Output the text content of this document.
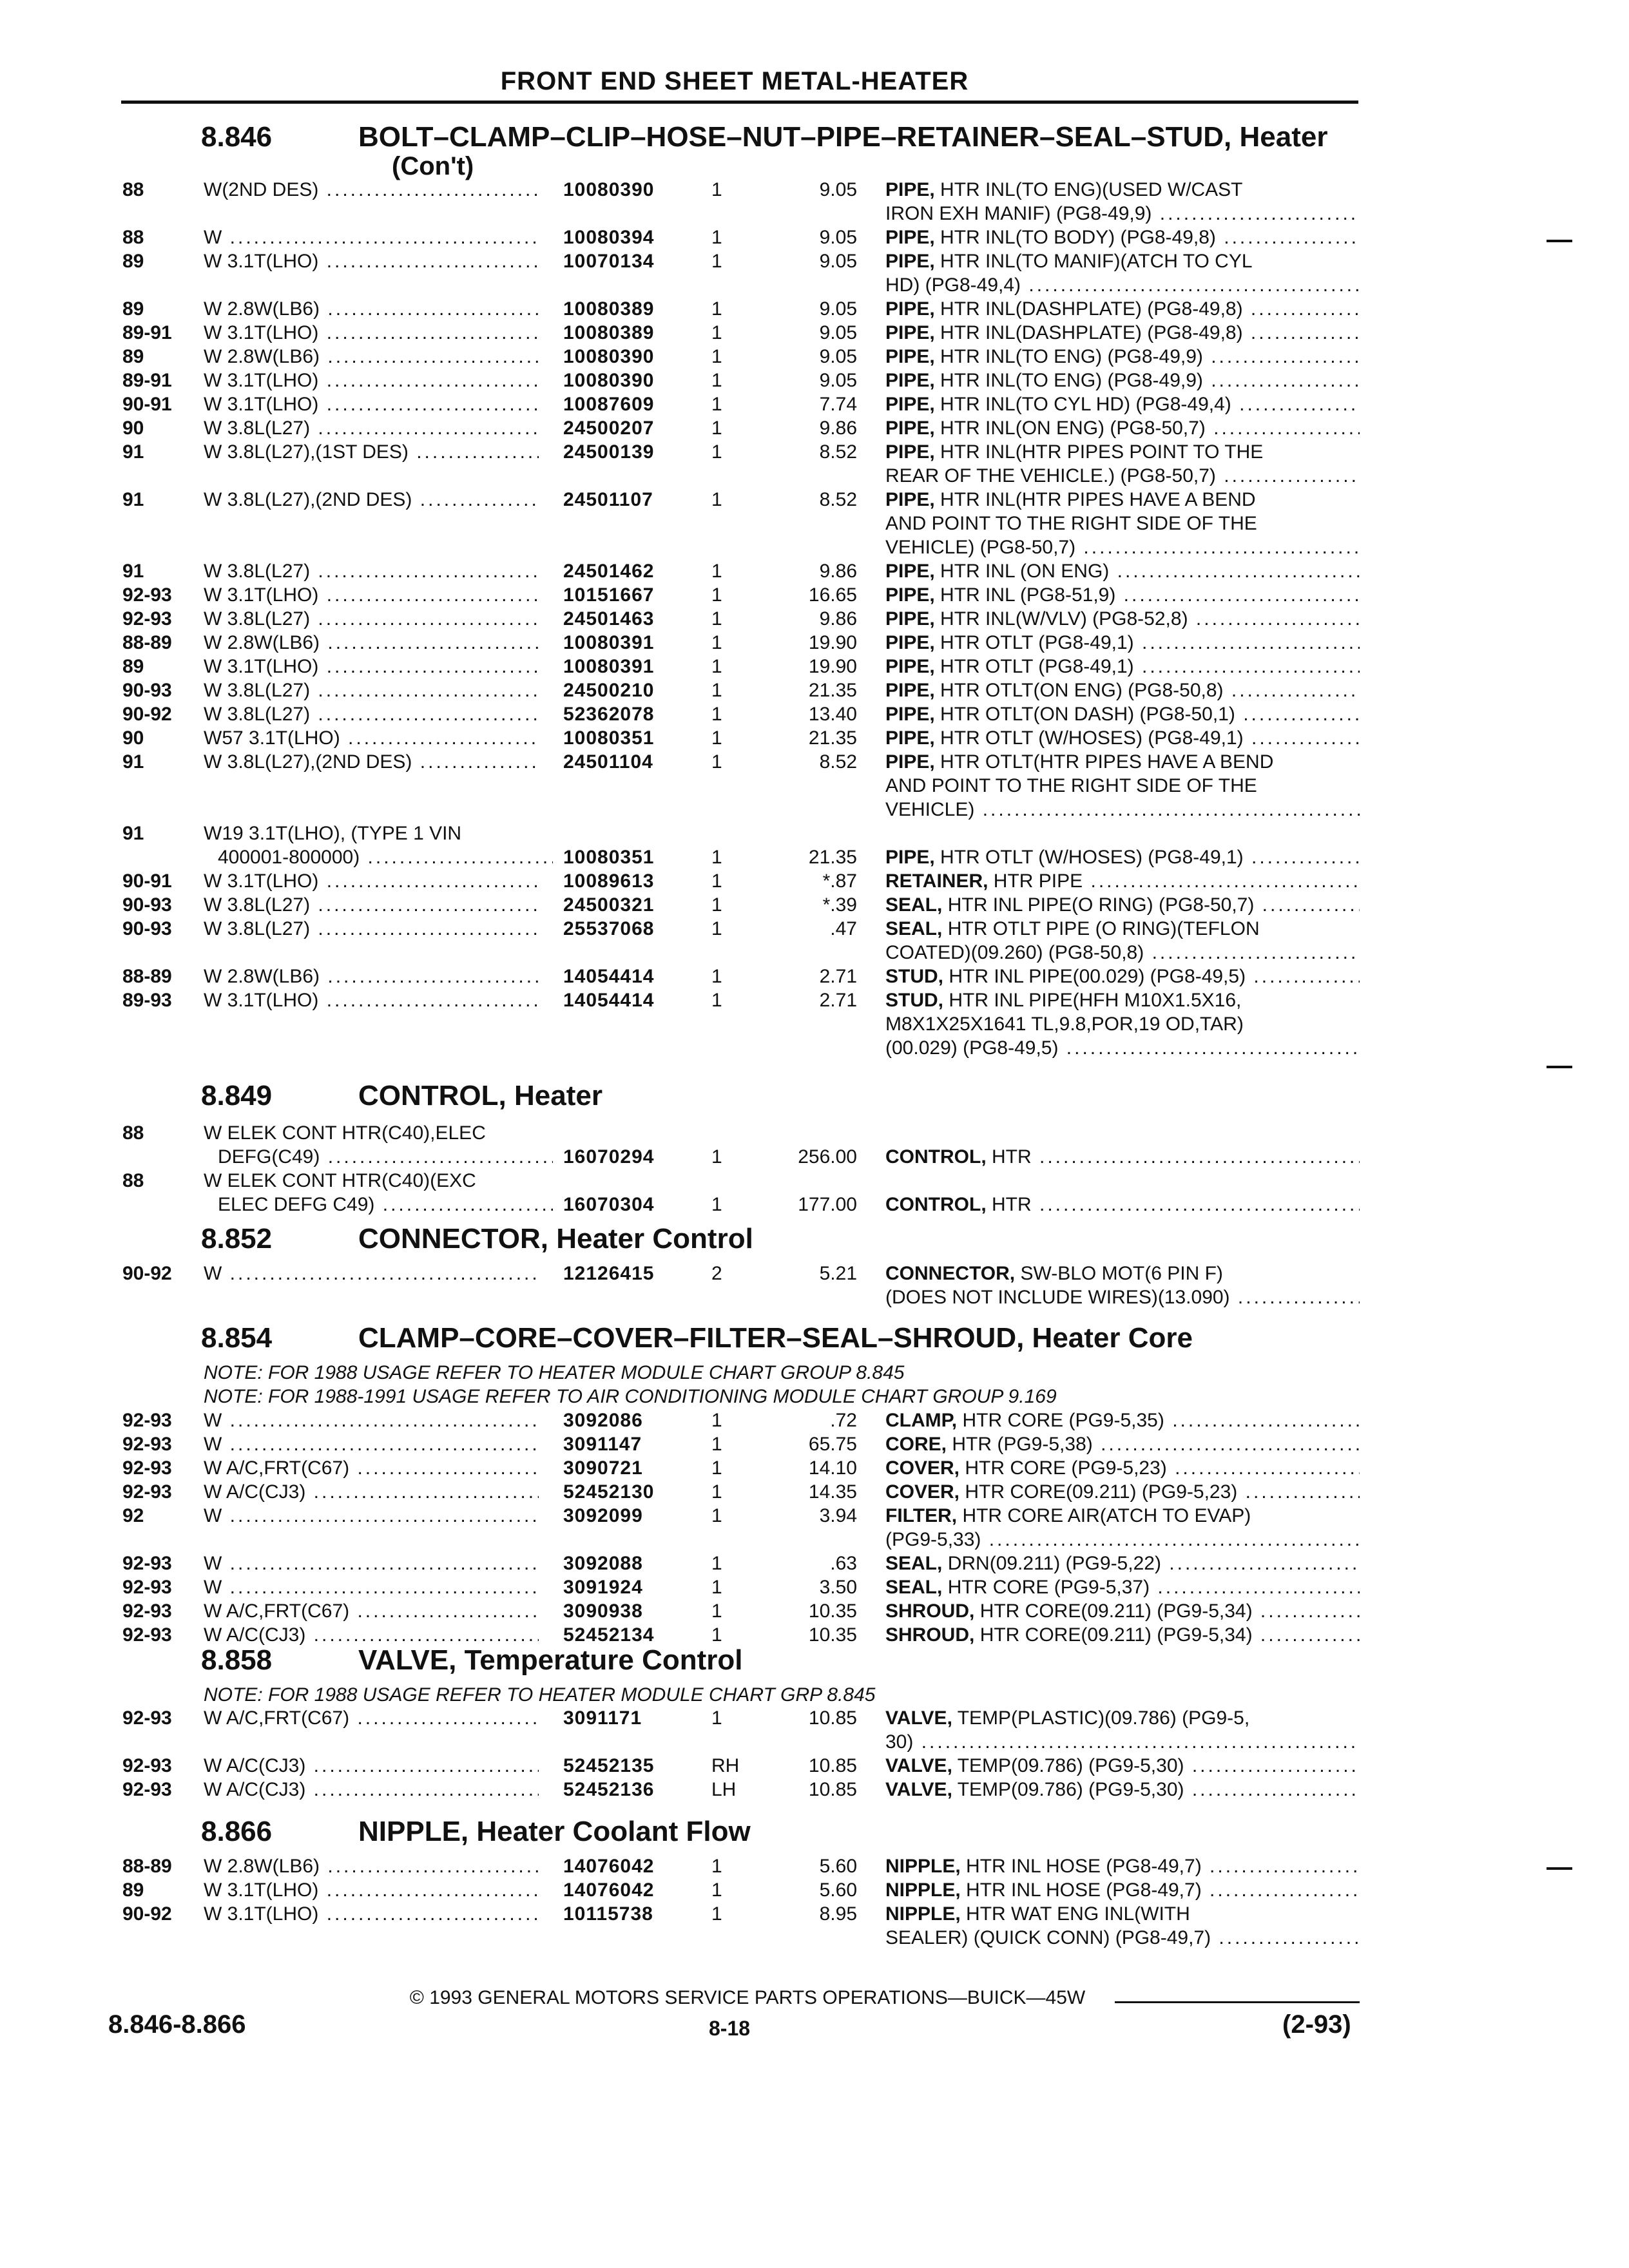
FRONT END SHEET METAL-HEATER
8.846	BOLT–CLAMP–CLIP–HOSE–NUT–PIPE–RETAINER–SEAL–STUD, Heater
(Con't)
88	W(2ND DES) .....	10080390	1	9.05 PIPE, HTR INL(TO ENG)(USED W/CAST
IRON EXH MANIF) (PG8-49,9) .....
88	W .....	10080394	1	9.05 PIPE, HTR INL(TO BODY) (PG8-49,8) .....
89	W 3.1T(LHO) .....	10070134	1	9.05 PIPE, HTR INL(TO MANIF)(ATCH TO CYL
HD) (PG8-49,4) .....
89	W 2.8W(LB6) .....	10080389	1	9.05 PIPE, HTR INL(DASHPLATE) (PG8-49,8) .....
89-91 W 3.1T(LHO) .....	10080389	1	9.05 PIPE, HTR INL(DASHPLATE) (PG8-49,8) .....
89	W 2.8W(LB6) .....	10080390	1	9.05 PIPE, HTR INL(TO ENG) (PG8-49,9) .....
89-91 W 3.1T(LHO) .....	10080390	1	9.05 PIPE, HTR INL(TO ENG) (PG8-49,9) .....
90-91 W 3.1T(LHO) .....	10087609	1	7.74 PIPE, HTR INL(TO CYL HD) (PG8-49,4) .....
90	W 3.8L(L27) .....	24500207	1	9.86 PIPE, HTR INL(ON ENG) (PG8-50,7) .....
91	W 3.8L(L27),(1ST DES) .....	24500139	1	8.52 PIPE, HTR INL(HTR PIPES POINT TO THE
REAR OF THE VEHICLE.) (PG8-50,7) .....
91	W 3.8L(L27),(2ND DES) .....	24501107	1	8.52 PIPE, HTR INL(HTR PIPES HAVE A BEND
AND POINT TO THE RIGHT SIDE OF THE
VEHICLE) (PG8-50,7) .....
91	W 3.8L(L27) .....	24501462	1	9.86 PIPE, HTR INL (ON ENG) .....
92-93 W 3.1T(LHO) .....	10151667	1	16.65 PIPE, HTR INL (PG8-51,9) .....
92-93 W 3.8L(L27) .....	24501463	1	9.86 PIPE, HTR INL(W/VLV) (PG8-52,8) .....
88-89 W 2.8W(LB6) .....	10080391	1	19.90 PIPE, HTR OTLT (PG8-49,1) .....
89	W 3.1T(LHO) .....	10080391	1	19.90 PIPE, HTR OTLT (PG8-49,1) .....
90-93 W 3.8L(L27) .....	24500210	1	21.35 PIPE, HTR OTLT(ON ENG) (PG8-50,8) .....
90-92 W 3.8L(L27) .....	52362078	1	13.40 PIPE, HTR OTLT(ON DASH) (PG8-50,1) .....
90	W57 3.1T(LHO) .....	10080351	1	21.35 PIPE, HTR OTLT (W/HOSES) (PG8-49,1) .....
91	W 3.8L(L27),(2ND DES) .....	24501104	1	8.52 PIPE, HTR OTLT(HTR PIPES HAVE A BEND
AND POINT TO THE RIGHT SIDE OF THE
VEHICLE) .....
91	W19 3.1T(LHO), (TYPE 1 VIN
400001-800000) .....	10080351	1	21.35 PIPE, HTR OTLT (W/HOSES) (PG8-49,1) .....
90-91 W 3.1T(LHO) .....	10089613	1	*.87 RETAINER, HTR PIPE .....
90-93 W 3.8L(L27) .....	24500321	1	*.39 SEAL, HTR INL PIPE(O RING) (PG8-50,7) .....
90-93 W 3.8L(L27) .....	25537068	1	.47 SEAL, HTR OTLT PIPE (O RING)(TEFLON
COATED)(09.260) (PG8-50,8) .....
88-89 W 2.8W(LB6) .....	14054414	1	2.71 STUD, HTR INL PIPE(00.029) (PG8-49,5) .....
89-93 W 3.1T(LHO) .....	14054414	1	2.71 STUD, HTR INL PIPE(HFH M10X1.5X16,
M8X1X25X1641 TL,9.8,POR,19 OD,TAR)
(00.029) (PG8-49,5) .....
8.849	CONTROL, Heater
88	W ELEK CONT HTR(C40),ELEC
DEFG(C49) .....	16070294	1	256.00 CONTROL, HTR .....
88	W ELEK CONT HTR(C40)(EXC
ELEC DEFG C49) .....	16070304	1	177.00 CONTROL, HTR .....
8.852	CONNECTOR, Heater Control
90-92 W .....	12126415	2	5.21 CONNECTOR, SW-BLO MOT(6 PIN F)
(DOES NOT INCLUDE WIRES)(13.090) .....
8.854	CLAMP–CORE–COVER–FILTER–SEAL–SHROUD, Heater Core
NOTE: FOR 1988 USAGE REFER TO HEATER MODULE CHART GROUP 8.845
NOTE: FOR 1988-1991 USAGE REFER TO AIR CONDITIONING MODULE CHART GROUP 9.169
92-93 W .....	3092086	1	.72 CLAMP, HTR CORE (PG9-5,35) .....
92-93 W .....	3091147	1	65.75 CORE, HTR (PG9-5,38) .....
92-93 W A/C,FRT(C67) .....	3090721	1	14.10 COVER, HTR CORE (PG9-5,23) .....
92-93 W A/C(CJ3) .....	52452130	1	14.35 COVER, HTR CORE(09.211) (PG9-5,23) .....
92	W .....	3092099	1	3.94 FILTER, HTR CORE AIR(ATCH TO EVAP)
(PG9-5,33) .....
92-93 W .....	3092088	1	.63 SEAL, DRN(09.211) (PG9-5,22) .....
92-93 W .....	3091924	1	3.50 SEAL, HTR CORE (PG9-5,37) .....
92-93 W A/C,FRT(C67) .....	3090938	1	10.35 SHROUD, HTR CORE(09.211) (PG9-5,34) .....
92-93 W A/C(CJ3) .....	52452134	1	10.35 SHROUD, HTR CORE(09.211) (PG9-5,34) .....
8.858	VALVE, Temperature Control
NOTE: FOR 1988 USAGE REFER TO HEATER MODULE CHART GRP 8.845
92-93 W A/C,FRT(C67) .....	3091171	1	10.85 VALVE, TEMP(PLASTIC)(09.786) (PG9-5,
30) .....
92-93 W A/C(CJ3) .....	52452135	RH	10.85 VALVE, TEMP(09.786) (PG9-5,30) .....
92-93 W A/C(CJ3) .....	52452136	LH	10.85 VALVE, TEMP(09.786) (PG9-5,30) .....
8.866	NIPPLE, Heater Coolant Flow
88-89 W 2.8W(LB6) .....	14076042	1	5.60 NIPPLE, HTR INL HOSE (PG8-49,7) .....
89	W 3.1T(LHO) .....	14076042	1	5.60 NIPPLE, HTR INL HOSE (PG8-49,7) .....
90-92 W 3.1T(LHO) .....	10115738	1	8.95 NIPPLE, HTR WAT ENG INL(WITH
SEALER) (QUICK CONN) (PG8-49,7) .....
© 1993 GENERAL MOTORS SERVICE PARTS OPERATIONS—BUICK—45W
8.846-8.866	8-18	(2-93)
